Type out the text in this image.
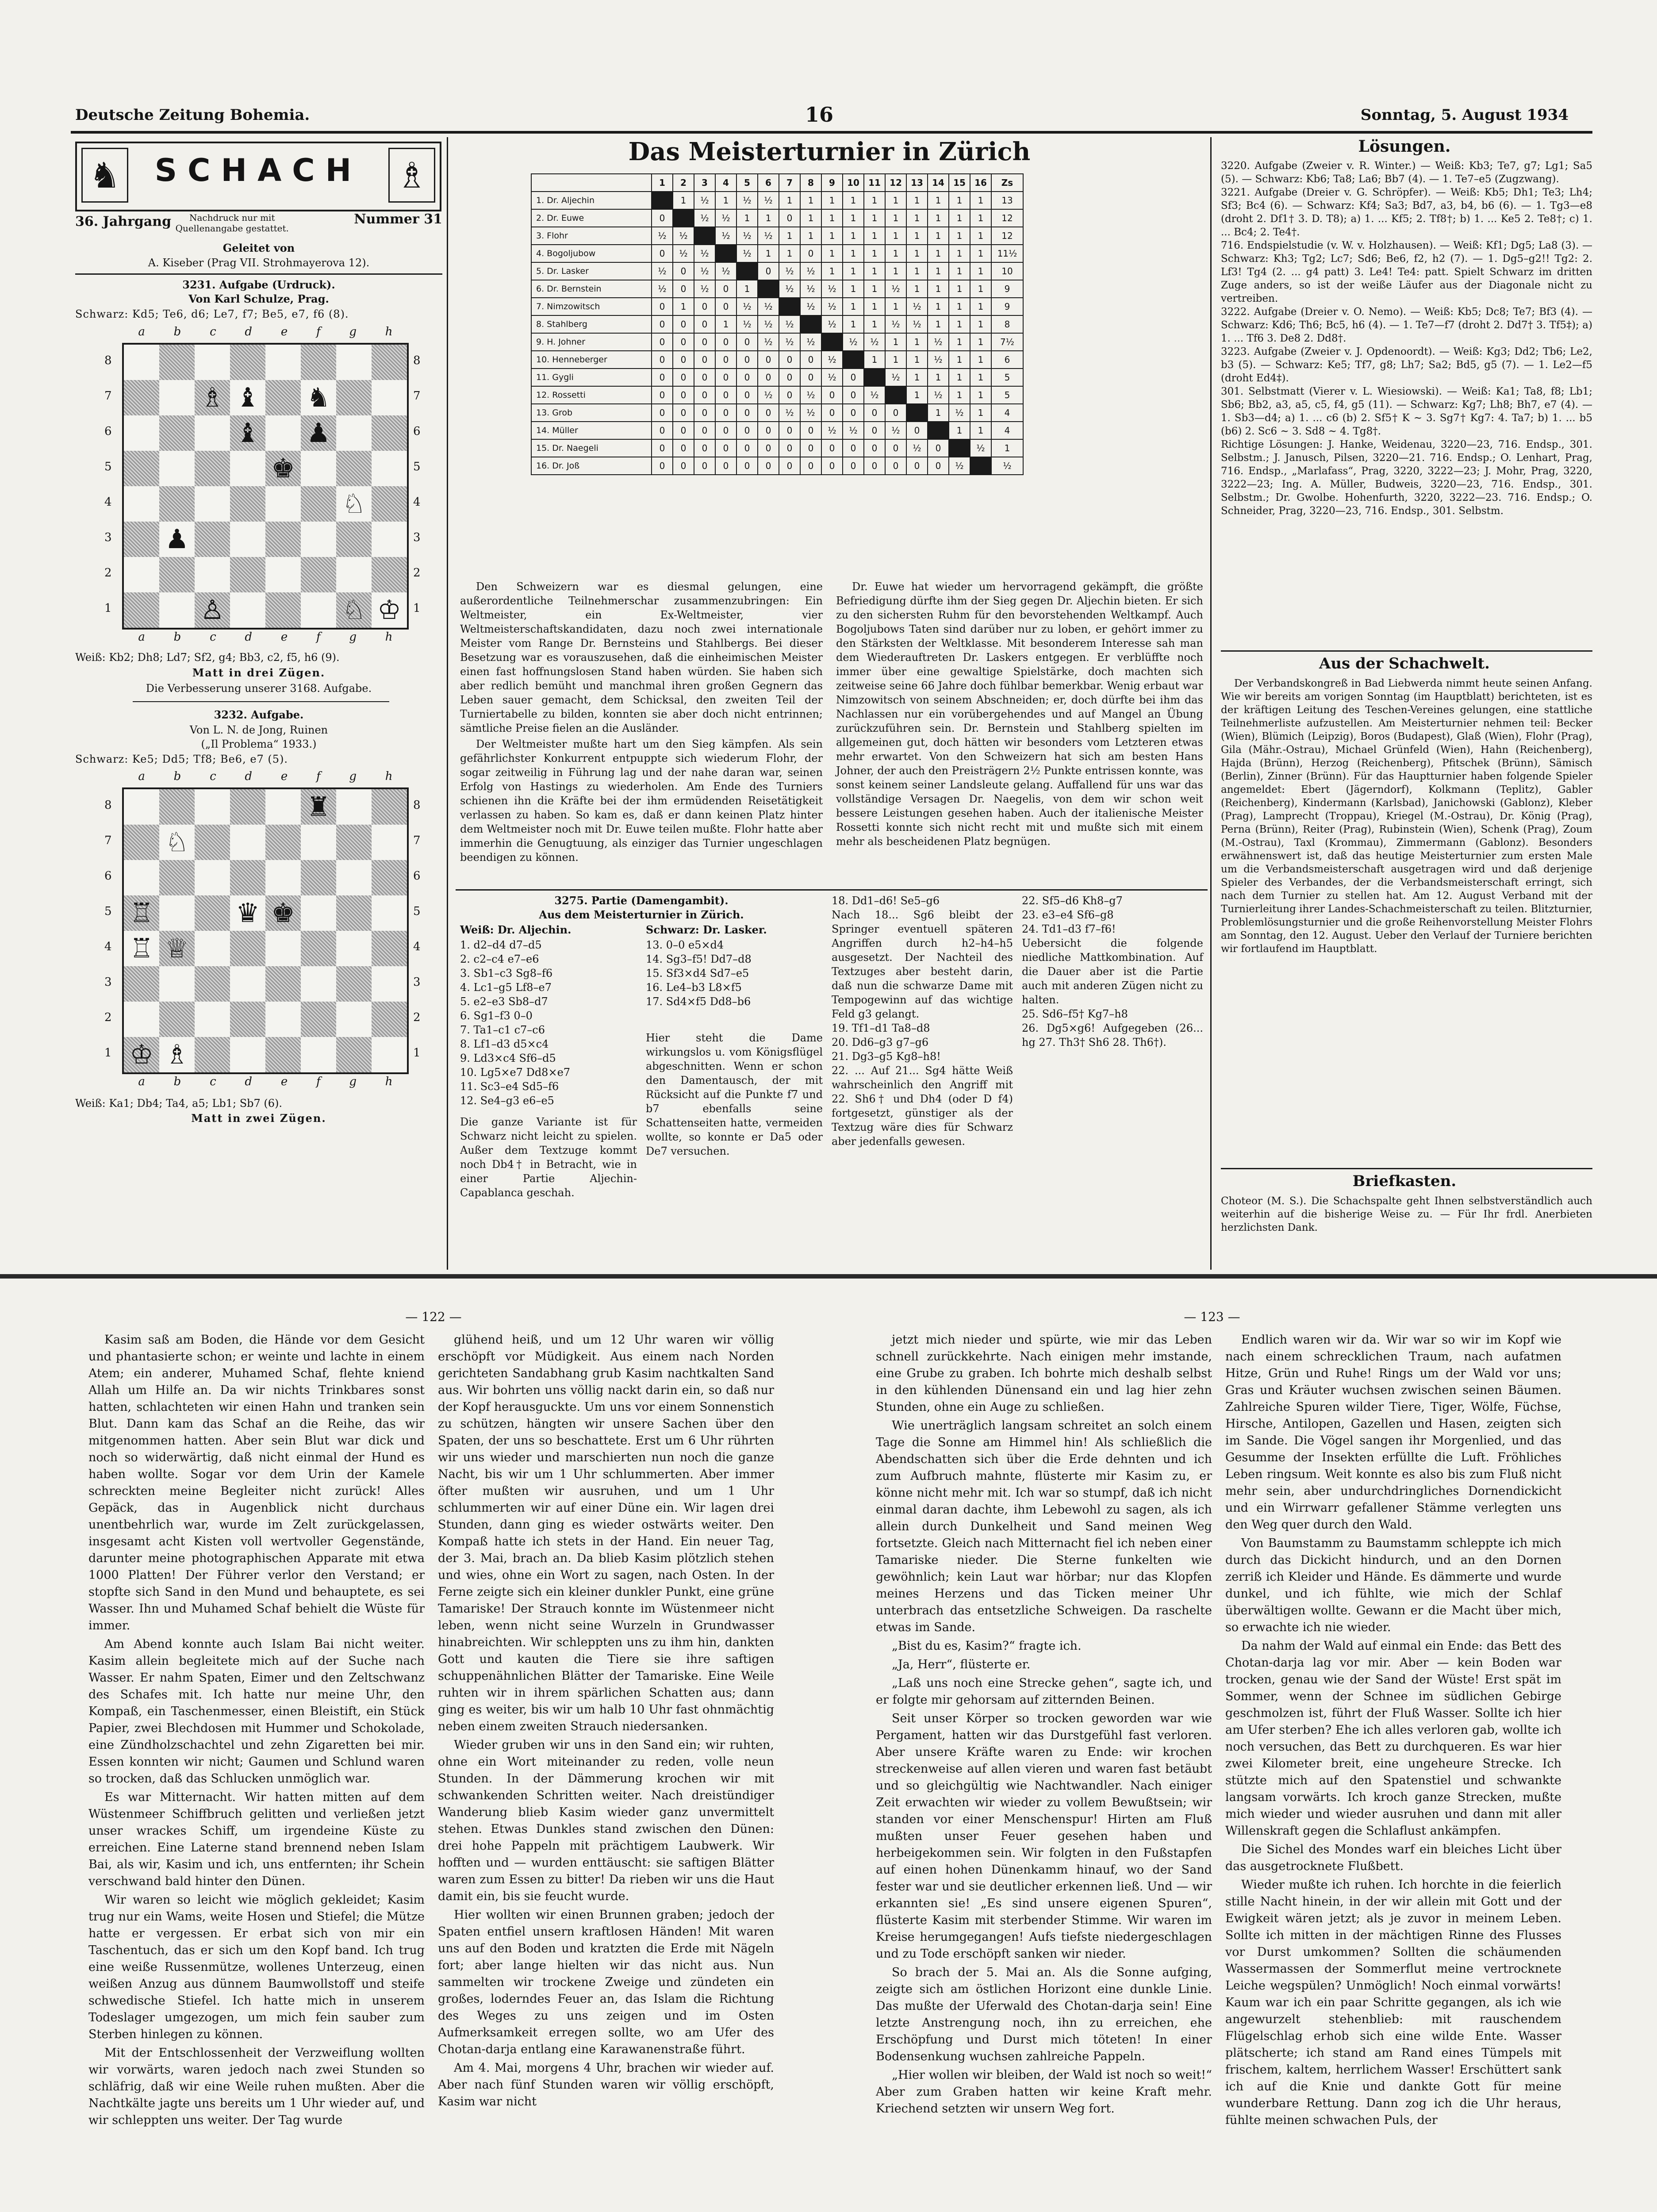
Deutsche Zeitung Bohemia.	16	Sonntag, 5. August 1934
♞	SCHACH ♗
36. Jahrgang Nachdruck nur mit Quellenangabe gestattet.
Nummer 31
Geleitet von
A. Kiseber (Prag VII. Strohmayerova 12).
3231. Aufgabe (Urdruck).
Von Karl Schulze, Prag.
Schwarz: Kd5; Te6, d6; Le7, f7; Be5, e7, f6 (8).
a b c d e f g h
8
7
6
5
4
3
2
1
8
7
6
5
4
3
2
1
♗ ♝ ♞
♝ ♟
♚
♘
♟
♙	♘ ♔
a b c d e f g h
Weiß: Kb2; Dh8; Ld7; Sf2, g4; Bb3, c2, f5, h6 (9).
Matt in drei Zügen.
Die Verbesserung unserer 3168. Aufgabe.
3232. Aufgabe.
Von L. N. de Jong, Ruinen
(„Il Problema“ 1933.)
Schwarz: Ke5; Dd5; Tf8; Be6, e7 (5).
a b c d e f g h
8
7
6
5
4
3
2
1
8
7
6
5
4
3
2
1
♜
♘
♖	♛ ♚
♖ ♕
♔ ♗
a b c d e f g h
Weiß: Ka1; Db4; Ta4, a5; Lb1; Sb7 (6).
Matt in zwei Zügen.
Das Meisterturnier in Zürich
	1	2	3	4	5	6	7	8	9	10	11	12	13	14	15	16	Zs
1. Dr. Aljechin		1	½	1	½	½	1	1	1	1	1	1	1	1	1	1	13
2. Dr. Euwe	0		½	½	1	1	0	1	1	1	1	1	1	1	1	1	12
3. Flohr	½	½		½	½	½	1	1	1	1	1	1	1	1	1	1	12
4. Bogoljubow	0	½	½		½	1	1	0	1	1	1	1	1	1	1	1	11½
5. Dr. Lasker	½	0	½	½		0	½	½	1	1	1	1	1	1	1	1	10
6. Dr. Bernstein	½	0	½	0	1		½	½	½	1	1	½	1	1	1	1	9
7. Nimzowitsch	0	1	0	0	½	½		½	½	1	1	1	½	1	1	1	9
8. Stahlberg	0	0	0	1	½	½	½		½	1	1	½	½	1	1	1	8
9. H. Johner	0	0	0	0	0	½	½	½		½	½	1	1	½	1	1	7½
10. Henneberger	0	0	0	0	0	0	0	0	½		1	1	1	½	1	1	6
11. Gygli	0	0	0	0	0	0	0	0	½	0		½	1	1	1	1	5
12. Rossetti	0	0	0	0	0	½	0	½	0	0	½		1	½	1	1	5
13. Grob	0	0	0	0	0	0	½	½	0	0	0	0		1	½	1	4
14. Müller	0	0	0	0	0	0	0	0	½	½	0	½	0		1	1	4
15. Dr. Naegeli	0	0	0	0	0	0	0	0	0	0	0	0	½	0		½	1
16. Dr. Joß	0	0	0	0	0	0	0	0	0	0	0	0	0	0	½		½

Den Schweizern war es diesmal gelungen, eine außerordentliche Teilnehmerschar zusammenzubringen: Ein Weltmeister, ein Ex-Weltmeister, vier Weltmeisterschaftskandidaten, dazu noch zwei internationale Meister vom Range Dr. Bernsteins und Stahlbergs. Bei dieser Besetzung war es vorauszusehen, daß die einheimischen Meister einen fast hoffnungslosen Stand haben würden. Sie haben sich aber redlich bemüht und manchmal ihren großen Gegnern das Leben sauer gemacht, dem Schicksal, den zweiten Teil der Turniertabelle zu bilden, konnten sie aber doch nicht entrinnen; sämtliche Preise fielen an die Ausländer.

Der Weltmeister mußte hart um den Sieg kämpfen. Als sein gefährlichster Konkurrent entpuppte sich wiederum Flohr, der sogar zeitweilig in Führung lag und der nahe daran war, seinen Erfolg von Hastings zu wiederholen. Am Ende des Turniers schienen ihn die Kräfte bei der ihm ermüdenden Reisetätigkeit verlassen zu haben. So kam es, daß er dann keinen Platz hinter dem Weltmeister noch mit Dr. Euwe teilen mußte. Flohr hatte aber immerhin die Genugtuung, als einziger das Turnier ungeschlagen beendigen zu können.

Dr. Euwe hat wieder um hervorragend gekämpft, die größte Befriedigung dürfte ihm der Sieg gegen Dr. Aljechin bieten. Er sich zu den sichersten Ruhm für den bevorstehenden Weltkampf. Auch Bogoljubows Taten sind darüber nur zu loben, er gehört immer zu den Stärksten der Weltklasse. Mit besonderem Interesse sah man dem Wiederauftreten Dr. Laskers entgegen. Er verblüffte noch immer über eine gewaltige Spielstärke, doch machten sich zeitweise seine 66 Jahre doch fühlbar bemerkbar. Wenig erbaut war Nimzowitsch von seinem Abschneiden; er, doch dürfte bei ihm das Nachlassen nur ein vorübergehendes und auf Mangel an Übung zurückzuführen sein. Dr. Bernstein und Stahlberg spielten im allgemeinen gut, doch hätten wir besonders vom Letzteren etwas mehr erwartet. Von den Schweizern hat sich am besten Hans Johner, der auch den Preisträgern 2½ Punkte entrissen konnte, was sonst keinem seiner Landsleute gelang. Auffallend für uns war das vollständige Versagen Dr. Naegelis, von dem wir schon weit bessere Leistungen gesehen haben. Auch der italienische Meister Rossetti konnte sich nicht recht mit und mußte sich mit einem mehr als bescheidenen Platz begnügen.

3275. Partie (Damengambit).
Aus dem Meisterturnier in Zürich.
Weiß: Dr. Aljechin.	Schwarz: Dr. Lasker.
1. d2–d4 d7–d5
2. c2–c4 e7–e6
3. Sb1–c3 Sg8–f6
4. Lc1–g5 Lf8–e7
5. e2–e3 Sb8–d7
6. Sg1–f3 0–0
7. Ta1–c1 c7–c6
8. Lf1–d3 d5×c4
9. Ld3×c4 Sf6–d5
10. Lg5×e7 Dd8×e7
11. Sc3–e4 Sd5–f6
12. Se4–g3 e6–e5
Die ganze Variante ist für Schwarz nicht leicht zu spielen. Außer dem Textzuge kommt noch Db4† in Betracht, wie in einer Partie Aljechin-Capablanca geschah.
13. 0–0 e5×d4
14. Sg3–f5! Dd7–d8
15. Sf3×d4 Sd7–e5
16. Le4–b3 L8×f5
17. Sd4×f5 Dd8–b6
Hier steht die Dame wirkungslos u. vom Königsflügel abgeschnitten. Wenn er schon den Damentausch, der mit Rücksicht auf die Punkte f7 und b7 ebenfalls seine Schattenseiten hatte, vermeiden wollte, so konnte er Da5 oder De7 versuchen.
18. Dd1–d6! Se5–g6
Nach 18... Sg6 bleibt der Springer eventuell späteren Angriffen durch h2–h4–h5 ausgesetzt. Der Nachteil des Textzuges aber besteht darin, daß nun die schwarze Dame mit Tempogewinn auf das wichtige Feld g3 gelangt.
19. Tf1–d1 Ta8–d8
20. Dd6–g3 g7–g6
21. Dg3–g5 Kg8–h8!
22. ... Auf 21... Sg4 hätte Weiß wahrscheinlich den Angriff mit 22. Sh6† und Dh4 (oder D f4) fortgesetzt, günstiger als der Textzug wäre dies für Schwarz aber jedenfalls gewesen.
22. Sf5–d6 Kh8–g7
23. e3–e4 Sf6–g8
24. Td1–d3 f7–f6!
Uebersicht die folgende niedliche Mattkombination. Auf die Dauer aber ist die Partie auch mit anderen Zügen nicht zu halten.
25. Sd6–f5† Kg7–h8
26. Dg5×g6! Aufgegeben (26... hg 27. Th3† Sh6 28. Th6†).
Lösungen.
3220. Aufgabe (Zweier v. R. Winter.) — Weiß: Kb3; Te7, g7; Lg1; Sa5 (5). — Schwarz: Kb6; Ta8; La6; Bb7 (4). — 1. Te7–e5 (Zugzwang).
3221. Aufgabe (Dreier v. G. Schröpfer). — Weiß: Kb5; Dh1; Te3; Lh4; Sf3; Bc4 (6). — Schwarz: Kf4; Sa3; Bd7, a3, b4, b6 (6). — 1. Tg3—e8 (droht 2. Df1† 3. D. T8); a) 1. ... Kf5; 2. Tf8†; b) 1. ... Ke5 2. Te8†; c) 1. ... Bc4; 2. Te4†.
716. Endspielstudie (v. W. v. Holzhausen). — Weiß: Kf1; Dg5; La8 (3). — Schwarz: Kh3; Tg2; Lc7; Sd6; Be6, f2, h2 (7). — 1. Dg5–g2!! Tg2: 2. Lf3! Tg4 (2. ... g4 patt) 3. Le4! Te4: patt. Spielt Schwarz im dritten Zuge anders, so ist der weiße Läufer aus der Diagonale nicht zu vertreiben.
3222. Aufgabe (Dreier v. O. Nemo). — Weiß: Kb5; Dc8; Te7; Bf3 (4). — Schwarz: Kd6; Th6; Bc5, h6 (4). — 1. Te7—f7 (droht 2. Dd7† 3. Tf5‡); a) 1. ... Tf6 3. De8 2. Dd8†.
3223. Aufgabe (Zweier v. J. Opdenoordt). — Weiß: Kg3; Dd2; Tb6; Le2, b3 (5). — Schwarz: Ke5; Tf7, g8; Lh7; Sa2; Bd5, g5 (7). — 1. Le2—f5 (droht Ed4‡).
301. Selbstmatt (Vierer v. L. Wiesiowski). — Weiß: Ka1; Ta8, f8; Lb1; Sb6; Bb2, a3, a5, c5, f4, g5 (11). — Schwarz: Kg7; Lh8; Bh7, e7 (4). — 1. Sb3—d4; a) 1. ... c6 (b) 2. Sf5† K ~ 3. Sg7† Kg7: 4. Ta7; b) 1. ... b5 (b6) 2. Sc6 ~ 3. Sd8 ~ 4. Tg8†.
Richtige Lösungen: J. Hanke, Weidenau, 3220—23, 716. Endsp., 301. Selbstm.; J. Janusch, Pilsen, 3220—21. 716. Endsp.; O. Lenhart, Prag, 716. Endsp., „Marlafass“, Prag, 3220, 3222—23; J. Mohr, Prag, 3220, 3222—23; Ing. A. Müller, Budweis, 3220—23, 716. Endsp., 301. Selbstm.; Dr. Gwolbe. Hohenfurth, 3220, 3222—23. 716. Endsp.; O. Schneider, Prag, 3220—23, 716. Endsp., 301. Selbstm.
Aus der Schachwelt.
Der Verbandskongreß in Bad Liebwerda nimmt heute seinen Anfang. Wie wir bereits am vorigen Sonntag (im Hauptblatt) berichteten, ist es der kräftigen Leitung des Teschen-Vereines gelungen, eine stattliche Teilnehmerliste aufzustellen. Am Meisterturnier nehmen teil: Becker (Wien), Blümich (Leipzig), Boros (Budapest), Glaß (Wien), Flohr (Prag), Gila (Mähr.-Ostrau), Michael Grünfeld (Wien), Hahn (Reichenberg), Hajda (Brünn), Herzog (Reichenberg), Pfitschek (Brünn), Sämisch (Berlin), Zinner (Brünn). Für das Hauptturnier haben folgende Spieler angemeldet: Ebert (Jägerndorf), Kolkmann (Teplitz), Gabler (Reichenberg), Kindermann (Karlsbad), Janichowski (Gablonz), Kleber (Prag), Lamprecht (Troppau), Kriegel (M.-Ostrau), Dr. König (Prag), Perna (Brünn), Reiter (Prag), Rubinstein (Wien), Schenk (Prag), Zoum (M.-Ostrau), Taxl (Krommau), Zimmermann (Gablonz). Besonders erwähnenswert ist, daß das heutige Meisterturnier zum ersten Male um die Verbandsmeisterschaft ausgetragen wird und daß derjenige Spieler des Verbandes, der die Verbandsmeisterschaft erringt, sich nach dem Turnier zu stellen hat. Am 12. August Verband mit der Turnierleitung ihrer Landes-Schachmeisterschaft zu teilen. Blitzturnier, Problemlösungsturnier und die große Reihenvorstellung Meister Flohrs am Sonntag, den 12. August. Ueber den Verlauf der Turniere berichten wir fortlaufend im Hauptblatt.
Briefkasten.
Choteor (M. S.). Die Schachspalte geht Ihnen selbstverständlich auch weiterhin auf die bisherige Weise zu. — Für Ihr frdl. Anerbieten herzlichsten Dank.
— 122 —	— 123 —

Kasim saß am Boden, die Hände vor dem Gesicht und phantasierte schon; er weinte und lachte in einem Atem; ein anderer, Muhamed Schaf, flehte kniend Allah um Hilfe an. Da wir nichts Trinkbares sonst hatten, schlachteten wir einen Hahn und tranken sein Blut. Dann kam das Schaf an die Reihe, das wir mitgenommen hatten. Aber sein Blut war dick und noch so widerwärtig, daß nicht einmal der Hund es haben wollte. Sogar vor dem Urin der Kamele schreckten meine Begleiter nicht zurück! Alles Gepäck, das in Augenblick nicht durchaus unentbehrlich war, wurde im Zelt zurückgelassen, insgesamt acht Kisten voll wertvoller Gegenstände, darunter meine photographischen Apparate mit etwa 1000 Platten! Der Führer verlor den Verstand; er stopfte sich Sand in den Mund und behauptete, es sei Wasser. Ihn und Muhamed Schaf behielt die Wüste für immer.

Am Abend konnte auch Islam Bai nicht weiter. Kasim allein begleitete mich auf der Suche nach Wasser. Er nahm Spaten, Eimer und den Zeltschwanz des Schafes mit. Ich hatte nur meine Uhr, den Kompaß, ein Taschenmesser, einen Bleistift, ein Stück Papier, zwei Blechdosen mit Hummer und Schokolade, eine Zündholzschachtel und zehn Zigaretten bei mir. Essen konnten wir nicht; Gaumen und Schlund waren so trocken, daß das Schlucken unmöglich war.

Es war Mitternacht. Wir hatten mitten auf dem Wüstenmeer Schiffbruch gelitten und verließen jetzt unser wrackes Schiff, um irgendeine Küste zu erreichen. Eine Laterne stand brennend neben Islam Bai, als wir, Kasim und ich, uns entfernten; ihr Schein verschwand bald hinter den Dünen.

Wir waren so leicht wie möglich gekleidet; Kasim trug nur ein Wams, weite Hosen und Stiefel; die Mütze hatte er vergessen. Er erbat sich von mir ein Taschentuch, das er sich um den Kopf band. Ich trug eine weiße Russenmütze, wollenes Unterzeug, einen weißen Anzug aus dünnem Baumwollstoff und steife schwedische Stiefel. Ich hatte mich in unserem Todeslager umgezogen, um mich fein sauber zum Sterben hinlegen zu können.

Mit der Entschlossenheit der Verzweiflung wollten wir vorwärts, waren jedoch nach zwei Stunden so schläfrig, daß wir eine Weile ruhen mußten. Aber die Nachtkälte jagte uns bereits um 1 Uhr wieder auf, und wir schleppten uns weiter. Der Tag wurde

glühend heiß, und um 12 Uhr waren wir völlig erschöpft vor Müdigkeit. Aus einem nach Norden gerichteten Sandabhang grub Kasim nachtkalten Sand aus. Wir bohrten uns völlig nackt darin ein, so daß nur der Kopf herausguckte. Um uns vor einem Sonnenstich zu schützen, hängten wir unsere Sachen über den Spaten, der uns so beschattete. Erst um 6 Uhr rührten wir uns wieder und marschierten nun noch die ganze Nacht, bis wir um 1 Uhr schlummerten. Aber immer öfter mußten wir ausruhen, und um 1 Uhr schlummerten wir auf einer Düne ein. Wir lagen drei Stunden, dann ging es wieder ostwärts weiter. Den Kompaß hatte ich stets in der Hand. Ein neuer Tag, der 3. Mai, brach an. Da blieb Kasim plötzlich stehen und wies, ohne ein Wort zu sagen, nach Osten. In der Ferne zeigte sich ein kleiner dunkler Punkt, eine grüne Tamariske! Der Strauch konnte im Wüstenmeer nicht leben, wenn nicht seine Wurzeln in Grundwasser hinabreichten. Wir schleppten uns zu ihm hin, dankten Gott und kauten die Tiere sie ihre saftigen schuppenähnlichen Blätter der Tamariske. Eine Weile ruhten wir in ihrem spärlichen Schatten aus; dann ging es weiter, bis wir um halb 10 Uhr fast ohnmächtig neben einem zweiten Strauch niedersanken.

Wieder gruben wir uns in den Sand ein; wir ruhten, ohne ein Wort miteinander zu reden, volle neun Stunden. In der Dämmerung krochen wir mit schwankenden Schritten weiter. Nach dreistündiger Wanderung blieb Kasim wieder ganz unvermittelt stehen. Etwas Dunkles stand zwischen den Dünen: drei hohe Pappeln mit prächtigem Laubwerk. Wir hofften und — wurden enttäuscht: sie saftigen Blätter waren zum Essen zu bitter! Da rieben wir uns die Haut damit ein, bis sie feucht wurde.

Hier wollten wir einen Brunnen graben; jedoch der Spaten entfiel unsern kraftlosen Händen! Mit waren uns auf den Boden und kratzten die Erde mit Nägeln fort; aber lange hielten wir das nicht aus. Nun sammelten wir trockene Zweige und zündeten ein großes, loderndes Feuer an, das Islam die Richtung des Weges zu uns zeigen und im Osten Aufmerksamkeit erregen sollte, wo am Ufer des Chotan-darja entlang eine Karawanenstraße führt.

Am 4. Mai, morgens 4 Uhr, brachen wir wieder auf. Aber nach fünf Stunden waren wir völlig erschöpft, Kasim war nicht

jetzt mich nieder und spürte, wie mir das Leben schnell zurückkehrte. Nach einigen mehr imstande, eine Grube zu graben. Ich bohrte mich deshalb selbst in den kühlenden Dünensand ein und lag hier zehn Stunden, ohne ein Auge zu schließen.

Wie unerträglich langsam schreitet an solch einem Tage die Sonne am Himmel hin! Als schließlich die Abendschatten sich über die Erde dehnten und ich zum Aufbruch mahnte, flüsterte mir Kasim zu, er könne nicht mehr mit. Ich war so stumpf, daß ich nicht einmal daran dachte, ihm Lebewohl zu sagen, als ich allein durch Dunkelheit und Sand meinen Weg fortsetzte. Gleich nach Mitternacht fiel ich neben einer Tamariske nieder. Die Sterne funkelten wie gewöhnlich; kein Laut war hörbar; nur das Klopfen meines Herzens und das Ticken meiner Uhr unterbrach das entsetzliche Schweigen. Da raschelte etwas im Sande.

„Bist du es, Kasim?“ fragte ich.

„Ja, Herr“, flüsterte er.

„Laß uns noch eine Strecke gehen“, sagte ich, und er folgte mir gehorsam auf zitternden Beinen.

Seit unser Körper so trocken geworden war wie Pergament, hatten wir das Durstgefühl fast verloren. Aber unsere Kräfte waren zu Ende: wir krochen streckenweise auf allen vieren und waren fast betäubt und so gleichgültig wie Nachtwandler. Nach einiger Zeit erwachten wir wieder zu vollem Bewußtsein; wir standen vor einer Menschenspur! Hirten am Fluß mußten unser Feuer gesehen haben und herbeigekommen sein. Wir folgten in den Fußstapfen auf einen hohen Dünenkamm hinauf, wo der Sand fester war und sie deutlicher erkennen ließ. Und — wir erkannten sie! „Es sind unsere eigenen Spuren“, flüsterte Kasim mit sterbender Stimme. Wir waren im Kreise herumgegangen! Aufs tiefste niedergeschlagen und zu Tode erschöpft sanken wir nieder.

So brach der 5. Mai an. Als die Sonne aufging, zeigte sich am östlichen Horizont eine dunkle Linie. Das mußte der Uferwald des Chotan-darja sein! Eine letzte Anstrengung noch, ihn zu erreichen, ehe Erschöpfung und Durst mich töteten! In einer Bodensenkung wuchsen zahlreiche Pappeln.

„Hier wollen wir bleiben, der Wald ist noch so weit!“ Aber zum Graben hatten wir keine Kraft mehr. Kriechend setzten wir unsern Weg fort.

Endlich waren wir da. Wir war so wir im Kopf wie nach einem schrecklichen Traum, nach aufatmen Hitze, Grün und Ruhe! Rings um der Wald vor uns; Gras und Kräuter wuchsen zwischen seinen Bäumen. Zahlreiche Spuren wilder Tiere, Tiger, Wölfe, Füchse, Hirsche, Antilopen, Gazellen und Hasen, zeigten sich im Sande. Die Vögel sangen ihr Morgenlied, und das Gesumme der Insekten erfüllte die Luft. Fröhliches Leben ringsum. Weit konnte es also bis zum Fluß nicht mehr sein, aber undurchdringliches Dornendickicht und ein Wirrwarr gefallener Stämme verlegten uns den Weg quer durch den Wald.

Von Baumstamm zu Baumstamm schleppte ich mich durch das Dickicht hindurch, und an den Dornen zerriß ich Kleider und Hände. Es dämmerte und wurde dunkel, und ich fühlte, wie mich der Schlaf überwältigen wollte. Gewann er die Macht über mich, so erwachte ich nie wieder.

Da nahm der Wald auf einmal ein Ende: das Bett des Chotan-darja lag vor mir. Aber — kein Boden war trocken, genau wie der Sand der Wüste! Erst spät im Sommer, wenn der Schnee im südlichen Gebirge geschmolzen ist, führt der Fluß Wasser. Sollte ich hier am Ufer sterben? Ehe ich alles verloren gab, wollte ich noch versuchen, das Bett zu durchqueren. Es war hier zwei Kilometer breit, eine ungeheure Strecke. Ich stützte mich auf den Spatenstiel und schwankte langsam vorwärts. Ich kroch ganze Strecken, mußte mich wieder und wieder ausruhen und dann mit aller Willenskraft gegen die Schlaflust ankämpfen.

Die Sichel des Mondes warf ein bleiches Licht über das ausgetrocknete Flußbett.

Wieder mußte ich ruhen. Ich horchte in die feierlich stille Nacht hinein, in der wir allein mit Gott und der Ewigkeit wären jetzt; als je zuvor in meinem Leben. Sollte ich mitten in der mächtigen Rinne des Flusses vor Durst umkommen? Sollten die schäumenden Wassermassen der Sommerflut meine vertrocknete Leiche wegspülen? Unmöglich! Noch einmal vorwärts! Kaum war ich ein paar Schritte gegangen, als ich wie angewurzelt stehenblieb: mit rauschendem Flügelschlag erhob sich eine wilde Ente. Wasser plätscherte; ich stand am Rand eines Tümpels mit frischem, kaltem, herrlichem Wasser! Erschüttert sank ich auf die Knie und dankte Gott für meine wunderbare Rettung. Dann zog ich die Uhr heraus, fühlte meinen schwachen Puls, der
